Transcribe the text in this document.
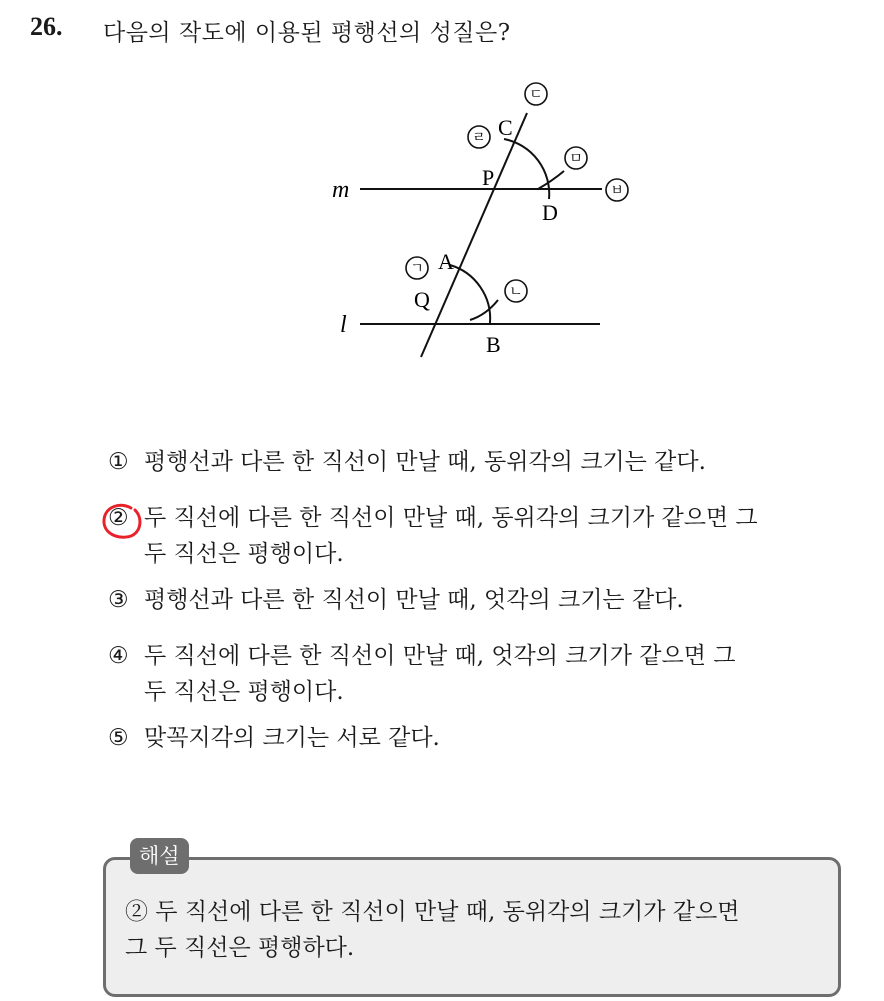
26. 다음의 작도에 이용된 평행선의 성질은?
m
l
C
P
D
A
Q
B
ㄷ
ㄹ
ㅁ
ㅂ
ㄱ
ㄴ
① 평행선과 다른 한 직선이 만날 때, 동위각의 크기는 같다.
② 두 직선에 다른 한 직선이 만날 때, 동위각의 크기가 같으면 그
두 직선은 평행이다.
③ 평행선과 다른 한 직선이 만날 때, 엇각의 크기는 같다.
④ 두 직선에 다른 한 직선이 만날 때, 엇각의 크기가 같으면 그
두 직선은 평행이다.
⑤ 맞꼭지각의 크기는 서로 같다.
해설
② 두 직선에 다른 한 직선이 만날 때, 동위각의 크기가 같으면
그 두 직선은 평행하다.
